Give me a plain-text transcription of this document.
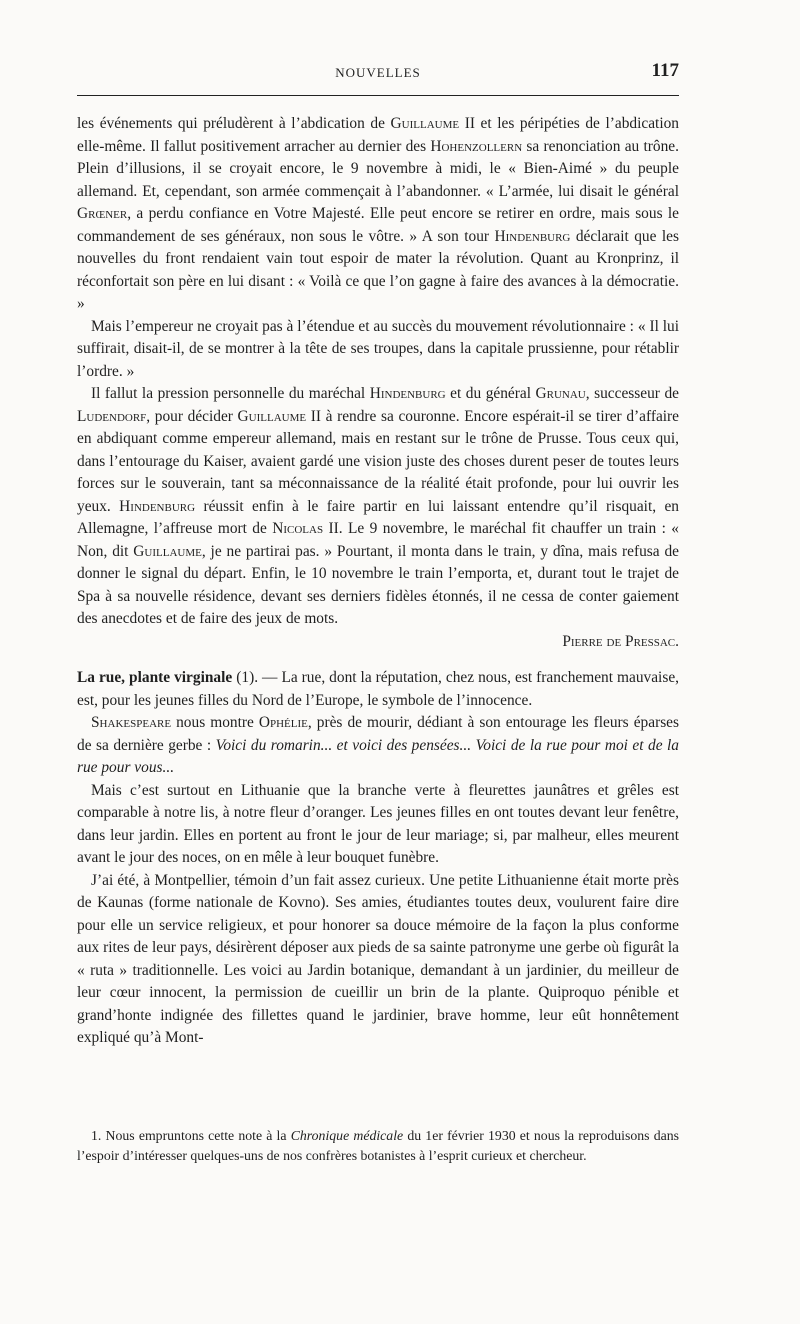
NOUVELLES	117

les événements qui préludèrent à l’abdication de Guillaume II et les péripéties de l’abdication elle-même. Il fallut positivement arracher au dernier des Hohenzollern sa renonciation au trône. Plein d’illusions, il se croyait encore, le 9 novembre à midi, le « Bien-Aimé » du peuple allemand. Et, cependant, son armée commençait à l’abandonner. « L’armée, lui disait le général Grœner, a perdu confiance en Votre Majesté. Elle peut encore se retirer en ordre, mais sous le commandement de ses généraux, non sous le vôtre. » A son tour Hindenburg déclarait que les nouvelles du front rendaient vain tout espoir de mater la révolution. Quant au Kronprinz, il réconfortait son père en lui disant : « Voilà ce que l’on gagne à faire des avances à la démocratie. »

Mais l’empereur ne croyait pas à l’étendue et au succès du mouvement révolutionnaire : « Il lui suffirait, disait-il, de se montrer à la tête de ses troupes, dans la capitale prussienne, pour rétablir l’ordre. »

Il fallut la pression personnelle du maréchal Hindenburg et du général Grunau, successeur de Ludendorf, pour décider Guillaume II à rendre sa couronne. Encore espérait-il se tirer d’affaire en abdiquant comme empereur allemand, mais en restant sur le trône de Prusse. Tous ceux qui, dans l’entourage du Kaiser, avaient gardé une vision juste des choses durent peser de toutes leurs forces sur le souverain, tant sa méconnaissance de la réalité était profonde, pour lui ouvrir les yeux. Hindenburg réussit enfin à le faire partir en lui laissant entendre qu’il risquait, en Allemagne, l’affreuse mort de Nicolas II. Le 9 novembre, le maréchal fit chauffer un train : « Non, dit Guillaume, je ne partirai pas. » Pourtant, il monta dans le train, y dîna, mais refusa de donner le signal du départ. Enfin, le 10 novembre le train l’emporta, et, durant tout le trajet de Spa à sa nouvelle résidence, devant ses derniers fidèles étonnés, il ne cessa de conter gaiement des anecdotes et de faire des jeux de mots.

Pierre de Pressac.

La rue, plante virginale (1). — La rue, dont la réputation, chez nous, est franchement mauvaise, est, pour les jeunes filles du Nord de l’Europe, le symbole de l’innocence.

Shakespeare nous montre Ophélie, près de mourir, dédiant à son entourage les fleurs éparses de sa dernière gerbe : Voici du romarin... et voici des pensées... Voici de la rue pour moi et de la rue pour vous...

Mais c’est surtout en Lithuanie que la branche verte à fleurettes jaunâtres et grêles est comparable à notre lis, à notre fleur d’oranger. Les jeunes filles en ont toutes devant leur fenêtre, dans leur jardin. Elles en portent au front le jour de leur mariage; si, par malheur, elles meurent avant le jour des noces, on en mêle à leur bouquet funèbre.

J’ai été, à Montpellier, témoin d’un fait assez curieux. Une petite Lithuanienne était morte près de Kaunas (forme nationale de Kovno). Ses amies, étudiantes toutes deux, voulurent faire dire pour elle un service religieux, et pour honorer sa douce mémoire de la façon la plus conforme aux rites de leur pays, désirèrent déposer aux pieds de sa sainte patronyme une gerbe où figurât la « ruta » traditionnelle. Les voici au Jardin botanique, demandant à un jardinier, du meilleur de leur cœur innocent, la permission de cueillir un brin de la plante. Quiproquo pénible et grand’honte indignée des fillettes quand le jardinier, brave homme, leur eût honnêtement expliqué qu’à Mont-

1. Nous empruntons cette note à la Chronique médicale du 1er février 1930 et nous la reproduisons dans l’espoir d’intéresser quelques-uns de nos confrères botanistes à l’esprit curieux et chercheur.
